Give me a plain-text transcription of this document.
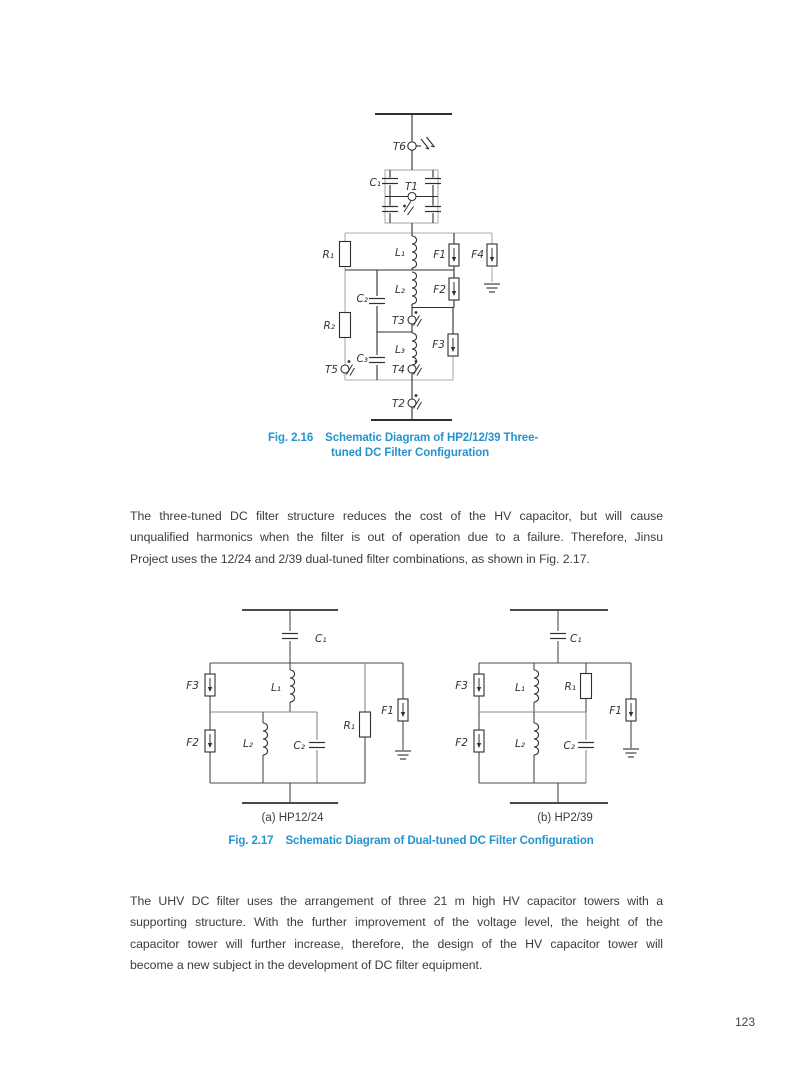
T6
C₁ T1
R₁	L₁	F1 F4
C₂
L₂	F2
T3
R₂
L₃	F3
C₃
T5	T4
T2
Fig. 2.16 Schematic Diagram of HP2/12/39 Three-
tuned DC Filter Configuration
The three-tuned DC filter structure reduces the cost of the HV capacitor, but will cause
unqualified harmonics when the filter is out of operation due to a failure. Therefore, Jinsu
Project uses the 12/24 and 2/39 dual-tuned filter combinations, as shown in Fig. 2.17.
C₁
F3	L₁
F2	L₂	C₂
R₁
F1
C₁
F3	L₁	R₁
F2	L₂	C₂
F1
(a) HP12/24	(b) HP2/39
Fig. 2.17 Schematic Diagram of Dual-tuned DC Filter Configuration
The UHV DC filter uses the arrangement of three 21 m high HV capacitor towers with a
supporting structure. With the further improvement of the voltage level, the height of the
capacitor tower will further increase, therefore, the design of the HV capacitor tower will
become a new subject in the development of DC filter equipment.
123
